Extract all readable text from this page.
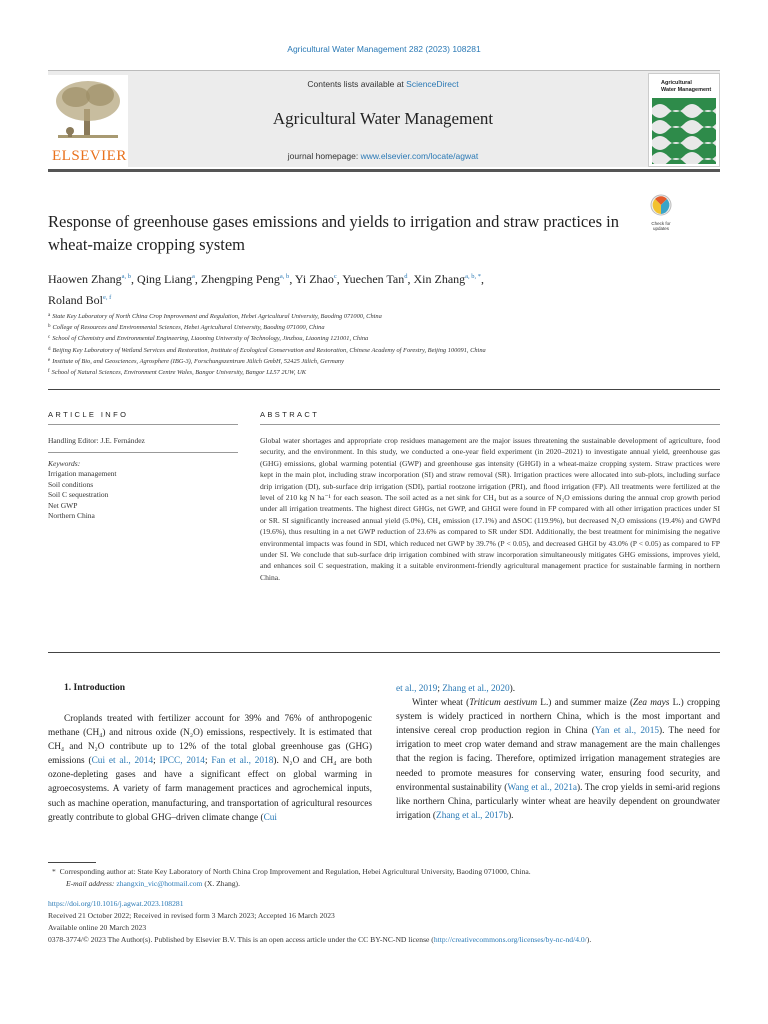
Agricultural Water Management 282 (2023) 108281
ELSEVIER
Contents lists available at ScienceDirect
Agricultural Water Management
journal homepage: www.elsevier.com/locate/agwat
Agricultural
Water Management
Check for
updates
Response of greenhouse gases emissions and yields to irrigation and straw practices in wheat-maize cropping system
Haowen Zhang$^{a, b}$, Qing Liang$^a$, Zhengping Peng$^{a, b}$, Yi Zhao$^c$, Yuechen Tan$^d$, Xin Zhang$^{a, b, *}$,
Roland Bol$^{e, f}$
$^a$ State Key Laboratory of North China Crop Improvement and Regulation, Hebei Agricultural University, Baoding 071000, China
$^b$ College of Resources and Environmental Sciences, Hebei Agricultural University, Baoding 071000, China
$^c$ School of Chemistry and Environmental Engineering, Liaoning University of Technology, Jinzhou, Liaoning 121001, China
$^d$ Beijing Key Laboratory of Wetland Services and Restoration, Institute of Ecological Conservation and Restoration, Chinese Academy of Forestry, Beijing 100091, China
$^e$ Institute of Bio, and Geosciences, Agrosphere (IBG-3), Forschungszentrum Jülich GmbH, 52425 Jülich, Germany
$^f$ School of Natural Sciences, Environment Centre Wales, Bangor University, Bangor LL57 2UW, UK
ARTICLE INFO
Handling Editor: J.E. Fernández
Keywords:
Irrigation management
Soil conditions
Soil C sequestration
Net GWP
Northern China
ABSTRACT

Global water shortages and appropriate crop residues management are the major issues threatening the sustainable development of agriculture, food security, and the environment. In this study, we conducted a one-year field experiment (in 2020–2021) to investigate annual yield, greenhouse gas (GHG) emissions, global warming potential (GWP) and greenhouse gas intensity (GHGI) in a wheat-maize cropping system. Straw practices were kept in the main plot, including straw incorporation (SI) and straw removal (SR). Irrigation practices were allocated into sub-plots, including surface drip irrigation (DI), sub-surface drip irrigation (SDI), partial rootzone irrigation (PRI), and flood irrigation (FP). All treatments were fertilized at the level of 210 kg N ha⁻¹ for each season. The soil acted as a net sink for CH₄ but as a source of N₂O emissions during the annual crop growth period under all irrigation treatments. The highest direct GHGs, net GWP, and GHGI were found in FP compared with all other irrigation practices under SI or SR. SI significantly increased annual yield (5.0%), CH₄ emission (17.1%) and ΔSOC (119.9%), but decreased N₂O emissions (19.4%) and GWPd (19.6%), thus resulting in a net GWP reduction of 23.6% as compared to SR under SDI. Additionally, the best treatment for minimising the negative environmental impacts was found in SDI, which reduced net GWP by 39.7% (P < 0.05), and decreased GHGI by 43.0% (P < 0.05) as compared to FP under SI. We conclude that sub-surface drip irrigation combined with straw incorporation simultaneously mitigates GHG emissions, improves yield, and enhances soil C sequestration, making it a suitable environment-friendly agricultural management practice for sustainable farming in northern China.

1. Introduction

Croplands treated with fertilizer account for 39% and 76% of anthropogenic methane (CH₄) and nitrous oxide (N₂O) emissions, respectively. It is estimated that CH₄ and N₂O contribute up to 12% of the total global greenhouse gas (GHG) emissions (Cui et al., 2014; IPCC, 2014; Fan et al., 2018). N₂O and CH₄ are both ozone-depleting gases and have a significant effect on global warming in agroecosystems. A variety of farm management practices and agrochemical inputs, such as machine operation, manufacturing, and transportation of agricultural resources greatly contribute to global GHG–driven climate change (Cui

et al., 2019; Zhang et al., 2020).
Winter wheat (Triticum aestivum L.) and summer maize (Zea mays L.) cropping system is widely practiced in northern China, which is the most important and intensive cereal crop production region in China (Yan et al., 2015). The need for irrigation to meet crop water demand and straw management are the main challenges that the region is facing. Therefore, optimized irrigation management strategies are needed to promote measures for conserving water, ensuring food security, and environmental sustainability (Wang et al., 2021a). The crop yields in semi-arid regions like northern China, particularly winter wheat are heavily dependent on groundwater irrigation (Zhang et al., 2017b).
* Corresponding author at: State Key Laboratory of North China Crop Improvement and Regulation, Hebei Agricultural University, Baoding 071000, China.
E-mail address: zhangxin_vic@hotmail.com (X. Zhang).
https://doi.org/10.1016/j.agwat.2023.108281
Received 21 October 2022; Received in revised form 3 March 2023; Accepted 16 March 2023
Available online 20 March 2023
0378-3774/© 2023 The Author(s). Published by Elsevier B.V. This is an open access article under the CC BY-NC-ND license (http://creativecommons.org/licenses/by-nc-nd/4.0/).
